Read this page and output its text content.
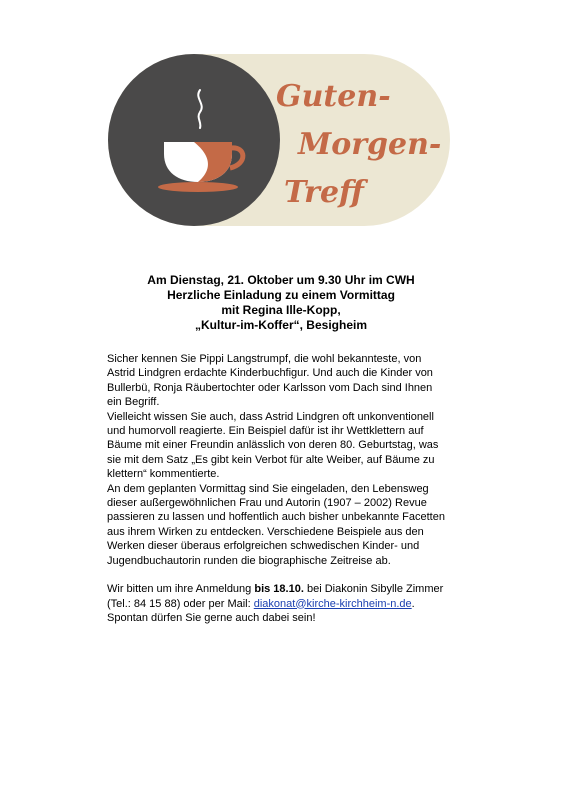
Guten-
Morgen-
Treff
Am Dienstag, 21. Oktober um 9.30 Uhr im CWH
Herzliche Einladung zu einem Vormittag
mit Regina Ille-Kopp,
„Kultur-im-Koffer“, Besigheim

Sicher kennen Sie Pippi Langstrumpf, die wohl bekannteste, von Astrid Lindgren erdachte Kinderbuchfigur. Und auch die Kinder von Bullerbü, Ronja Räubertochter oder Karlsson vom Dach sind Ihnen ein Begriff.

Vielleicht wissen Sie auch, dass Astrid Lindgren oft unkonventionell und humorvoll reagierte. Ein Beispiel dafür ist ihr Wettklettern auf Bäume mit einer Freundin anlässlich von deren 80. Geburtstag, was sie mit dem Satz „Es gibt kein Verbot für alte Weiber, auf Bäume zu klettern“ kommentierte.

An dem geplanten Vormittag sind Sie eingeladen, den Lebensweg dieser außergewöhnlichen Frau und Autorin (1907 – 2002) Revue passieren zu lassen und hoffentlich auch bisher unbekannte Facetten aus ihrem Wirken zu entdecken. Verschiedene Beispiele aus den Werken dieser überaus erfolgreichen schwedischen Kinder- und Jugendbuchautorin runden die biographische Zeitreise ab.

Wir bitten um ihre Anmeldung bis 18.10. bei Diakonin Sibylle Zimmer (Tel.: 84 15 88) oder per Mail: diakonat@kirche-kirchheim-n.de.

Spontan dürfen Sie gerne auch dabei sein!
